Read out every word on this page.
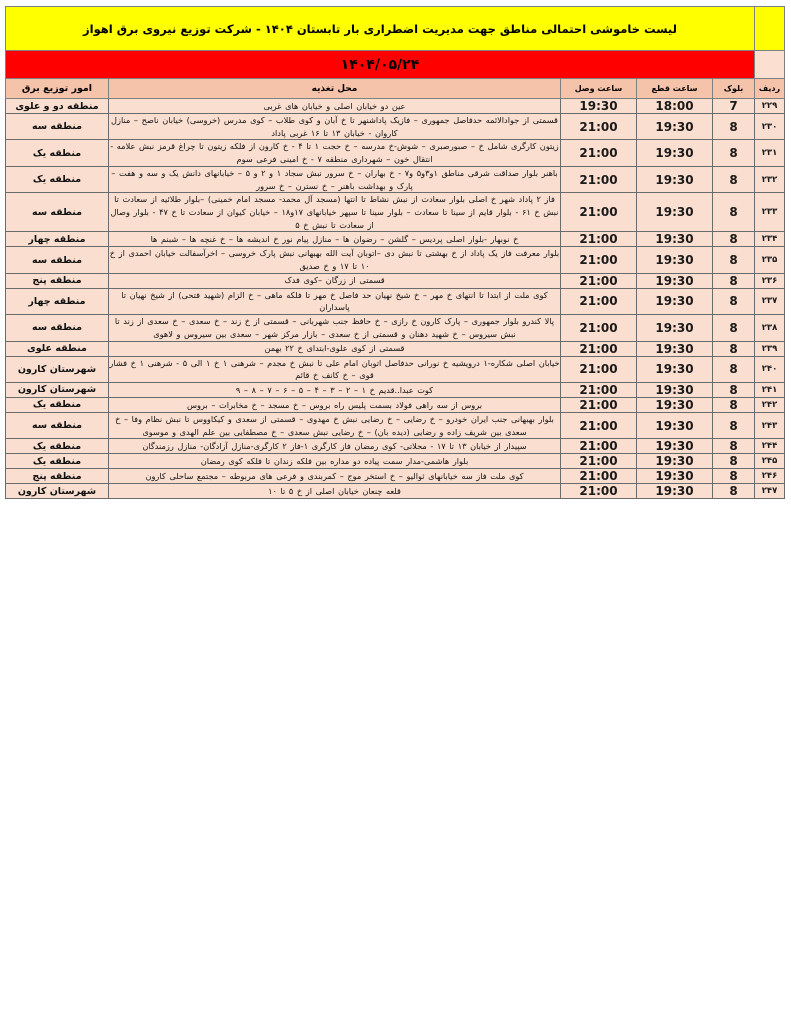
	لیست خاموشی احتمالی مناطق جهت مدیریت اضطراری بار تابستان ۱۴۰۴ - شرکت توزیع نیروی برق اهواز				
	۱۴۰۴/۰۵/۲۴				
ردیف	بلوک	ساعت قطع	ساعت وصل	محل تغذیه	امور توزیع برق
۲۲۹	7	18:00	19:30	عین دو خیابان اصلی و خیابان های غربی	منطقه دو و علوی
۲۳۰	8	19:30	21:00	قسمتی از جوادالائمه حدفاصل جمهوری – فازیک پاداشنهر تا خ آبان و کوی طلاب – کوی مدرس (خروسی) خیابان ناصح – منازل کاروان - خیابان ۱۳ تا ۱۶ غربی پاداد	منطقه سه
۲۳۱	8	19:30	21:00	زیتون کارگری شامل خ – صبورصبری – شوش-خ مدرسه – خ حجت ۱ تا ۴ - خ کارون از فلکه زیتون تا چراغ قرمز نبش علامه - انتقال خون – شهرداری منطقه ۷ - خ امینی فرعی سوم	منطقه یک
۲۳۲	8	19:30	21:00	باهنر بلوار صداقت شرقی مناطق ۱و۳و۵ و۷ - خ بهاران – خ سرور نبش سجاد ۱ و ۲ و ۵ – خیابانهای دانش یک و سه و هفت – پارک و بهداشت باهنر – خ نسترن – خ سرور	منطقه یک
۲۳۳	8	19:30	21:00	فاز ۲ پاداد شهر خ اصلی بلوار سعادت از نبش نشاط تا انتها (مسجد آل محمد- مسجد امام خمینی) –بلوار طلائیه از سعادت تا نبش خ ۶۱ - بلوار قایم از سینا تا سعادت – بلوار سینا تا سپهر خیابانهای ۱۷و۱۸ – خیابان کیوان از سعادت تا خ ۴۷ - بلوار وصال از سعادت تا نبش خ ۵	منطقه سه
۲۳۴	8	19:30	21:00	خ نوبهار -بلوار اصلی پردیس – گلشن – رضوان ها – منازل پیام نور خ اندیشه ها – خ غنچه ها – شبنم ها	منطقه چهار
۲۳۵	8	19:30	21:00	بلوار معرفت فاز یک پاداد از خ بهشتی تا نبش دی –اتوبان آیت الله بهبهانی نبش پارک خروسی – اخرآسفالت خیابان احمدی از خ ۱۰ تا ۱۷ و خ صدیق	منطقه سه
۲۳۶	8	19:30	21:00	قسمتی از زرگان –کوی فدک	منطقه پنج
۲۳۷	8	19:30	21:00	کوی ملت از ابتدا تا انتهای خ مهر – خ شیخ نهیان حد فاصل خ مهر تا فلکه ماهی – خ الزام (شهید فتحی) از شیخ نهیان تا پاسداران	منطقه چهار
۲۳۸	8	19:30	21:00	پالا کندرو بلوار جمهوری – پارک کارون خ رازی – خ حافظ جنب شهربانی – قسمتی از خ زند – خ سعدی – خ سعدی از زند تا نبش سیروس – خ شهید دهنان و قسمتی از خ سعدی – بازار مرکز شهر – سعدی بین سیروس و لاهوی	منطقه سه
۲۳۹	8	19:30	21:00	قسمتی از کوی علوی-ابتدای خ ۲۲ بهمن	منطقه علوی
۲۴۰	8	19:30	21:00	خیابان اصلی شکاره-۱ درویشیه خ نورانی حدفاصل اتوبان امام علی تا نبش خ مجدم – شرهنی ۱ خ ۱ الی ۵ - شرهنی ۱ خ فشار قوی – خ کانف خ قائم	شهرستان کارون
۲۴۱	8	19:30	21:00	کوت عبدا..قدیم خ ۱ – ۲ – ۳ – ۴ – ۵ – ۶ – ۷ – ۸ – ۹	شهرستان کارون
۲۴۲	8	19:30	21:00	بروس از سه راهی فولاد بسمت پلیس راه بروس – خ مسجد – خ مخابرات – بروس	منطقه یک
۲۴۳	8	19:30	21:00	بلوار بهبهانی جنب ایران خودرو – خ رضایی – خ رضایی نبش خ مهدوی – قسمتی از سعدی و کیکاووس تا نبش نظام وفا – خ سعدی بین شریف زاده و رضایی (دیده بان) – خ رضایی نبش سعدی – خ مصطفایی بین علم الهدی و موسوی	منطقه سه
۲۴۴	8	19:30	21:00	سپیدار از خیابان ۱۳ تا ۱۷ - محلاتی- کوی رمضان فاز کارگری ۱-فاز ۲ کارگری-منازل آزادگان- منازل رزمندگان	منطقه یک
۲۴۵	8	19:30	21:00	بلوار هاشمی-مدار سمت پیاده دو مداره بین فلکه زندان تا فلکه کوی رمضان	منطقه یک
۲۴۶	8	19:30	21:00	کوی ملت فاز سه خیابانهای ثواليو – خ استخر موج – کمربندی و فرعی های مربوطه – مجتمع ساحلی کارون	منطقه پنج
۲۴۷	8	19:30	21:00	قلعه چنعان خیابان اصلی از خ ۵ تا ۱۰	شهرستان کارون
